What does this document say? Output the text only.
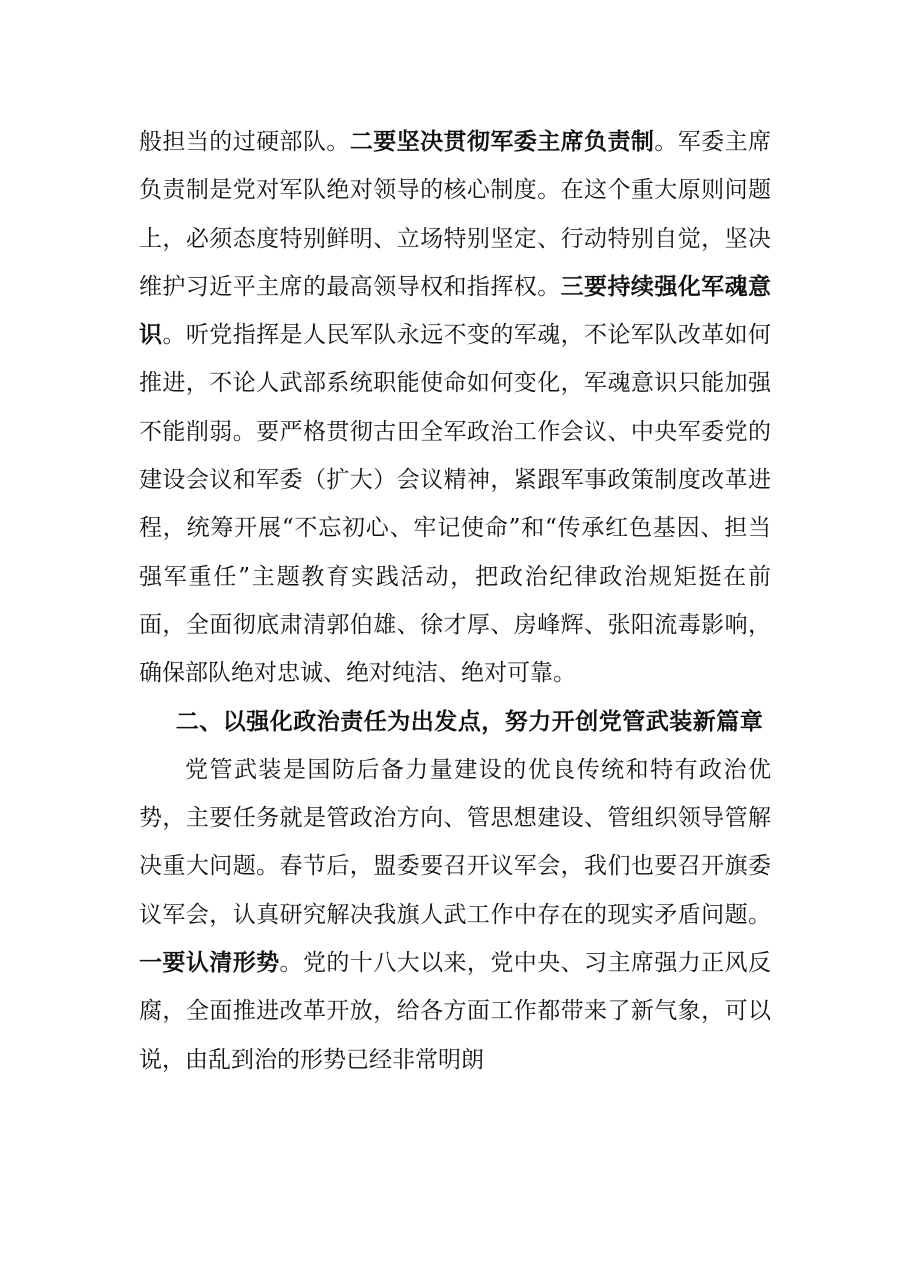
般担当的过硬部队。二要坚决贯彻军委主席负责制。军委主席负责制是党对军队绝对领导的核心制度。在这个重大原则问题上，必须态度特别鲜明、立场特别坚定、行动特别自觉，坚决维护习近平主席的最高领导权和指挥权。三要持续强化军魂意识。听党指挥是人民军队永远不变的军魂，不论军队改革如何推进，不论人武部系统职能使命如何变化，军魂意识只能加强不能削弱。要严格贯彻古田全军政治工作会议、中央军委党的建设会议和军委（扩大）会议精神，紧跟军事政策制度改革进程，统筹开展“不忘初心、牢记使命”和“传承红色基因、担当强军重任”主题教育实践活动，把政治纪律政治规矩挺在前面，全面彻底肃清郭伯雄、徐才厚、房峰辉、张阳流毒影响，确保部队绝对忠诚、绝对纯洁、绝对可靠。

二、以强化政治责任为出发点，努力开创党管武装新篇章

党管武装是国防后备力量建设的优良传统和特有政治优势，主要任务就是管政治方向、管思想建设、管组织领导管解决重大问题。春节后，盟委要召开议军会，我们也要召开旗委议军会，认真研究解决我旗人武工作中存在的现实矛盾问题。一要认清形势。党的十八大以来，党中央、习主席强力正风反腐，全面推进改革开放，给各方面工作都带来了新气象，可以说，由乱到治的形势已经非常明朗
